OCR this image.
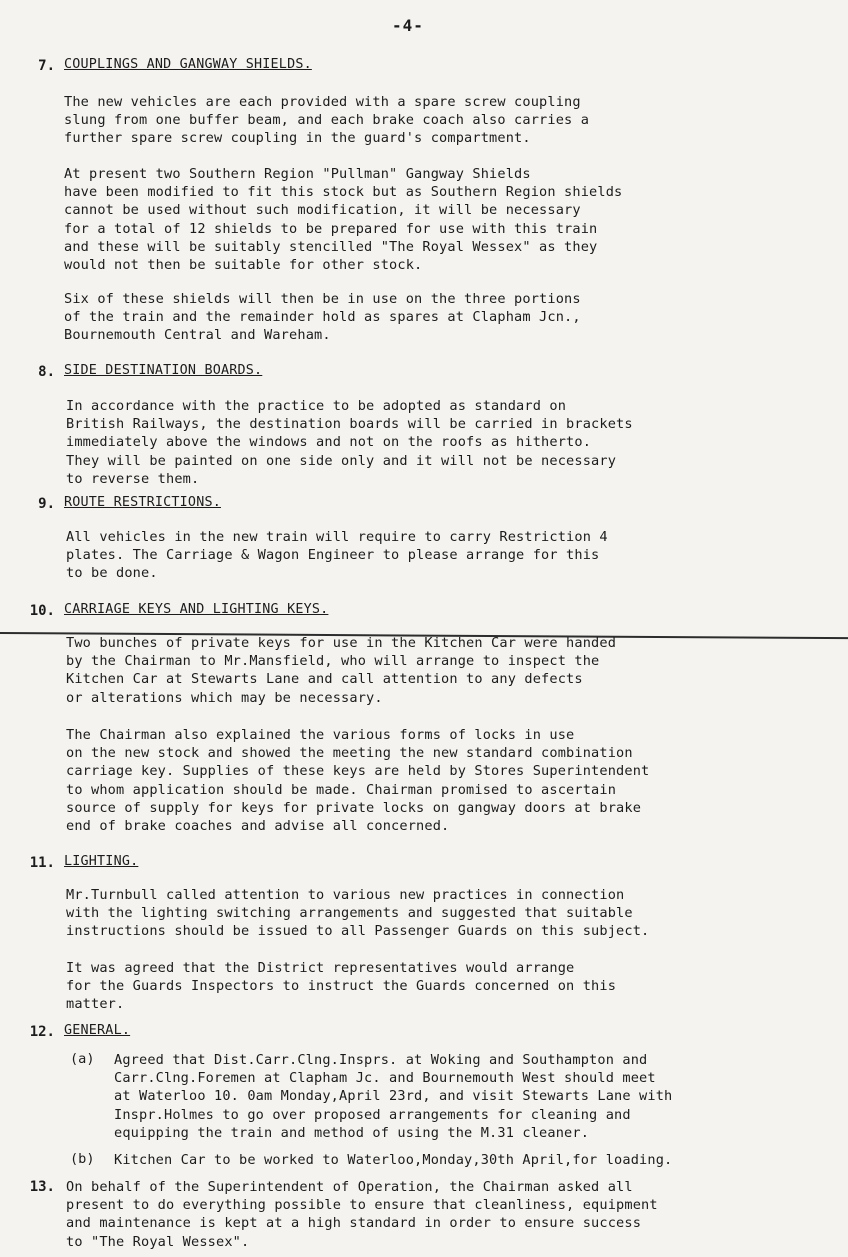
-4-
7. COUPLINGS AND GANGWAY SHIELDS.
The new vehicles are each provided with a spare screw coupling
slung from one buffer beam, and each brake coach also carries a
further spare screw coupling in the guard's compartment.
At present two Southern Region "Pullman" Gangway Shields
have been modified to fit this stock but as Southern Region shields
cannot be used without such modification, it will be necessary
for a total of 12 shields to be prepared for use with this train
and these will be suitably stencilled "The Royal Wessex" as they
would not then be suitable for other stock.
Six of these shields will then be in use on the three portions
of the train and the remainder hold as spares at Clapham Jcn.,
Bournemouth Central and Wareham.
8. SIDE DESTINATION BOARDS.
In accordance with the practice to be adopted as standard on
British Railways, the destination boards will be carried in brackets
immediately above the windows and not on the roofs as hitherto.
They will be painted on one side only and it will not be necessary
to reverse them.
9. ROUTE RESTRICTIONS.
All vehicles in the new train will require to carry Restriction 4
plates. The Carriage & Wagon Engineer to please arrange for this
to be done.
10. CARRIAGE KEYS AND LIGHTING KEYS.
Two bunches of private keys for use in the Kitchen Car were handed
by the Chairman to Mr.Mansfield, who will arrange to inspect the
Kitchen Car at Stewarts Lane and call attention to any defects
or alterations which may be necessary.
The Chairman also explained the various forms of locks in use
on the new stock and showed the meeting the new standard combination
carriage key. Supplies of these keys are held by Stores Superintendent
to whom application should be made. Chairman promised to ascertain
source of supply for keys for private locks on gangway doors at brake
end of brake coaches and advise all concerned.
11. LIGHTING.
Mr.Turnbull called attention to various new practices in connection
with the lighting switching arrangements and suggested that suitable
instructions should be issued to all Passenger Guards on this subject.
It was agreed that the District representatives would arrange
for the Guards Inspectors to instruct the Guards concerned on this
matter.
12. GENERAL.
(a) Agreed that Dist.Carr.Clng.Insprs. at Woking and Southampton and
Carr.Clng.Foremen at Clapham Jc. and Bournemouth West should meet
at Waterloo 10. 0am Monday,April 23rd, and visit Stewarts Lane with
Inspr.Holmes to go over proposed arrangements for cleaning and
equipping the train and method of using the M.31 cleaner.
(b) Kitchen Car to be worked to Waterloo,Monday,30th April,for loading.
13. On behalf of the Superintendent of Operation, the Chairman asked all
present to do everything possible to ensure that cleanliness, equipment
and maintenance is kept at a high standard in order to ensure success
to "The Royal Wessex".
